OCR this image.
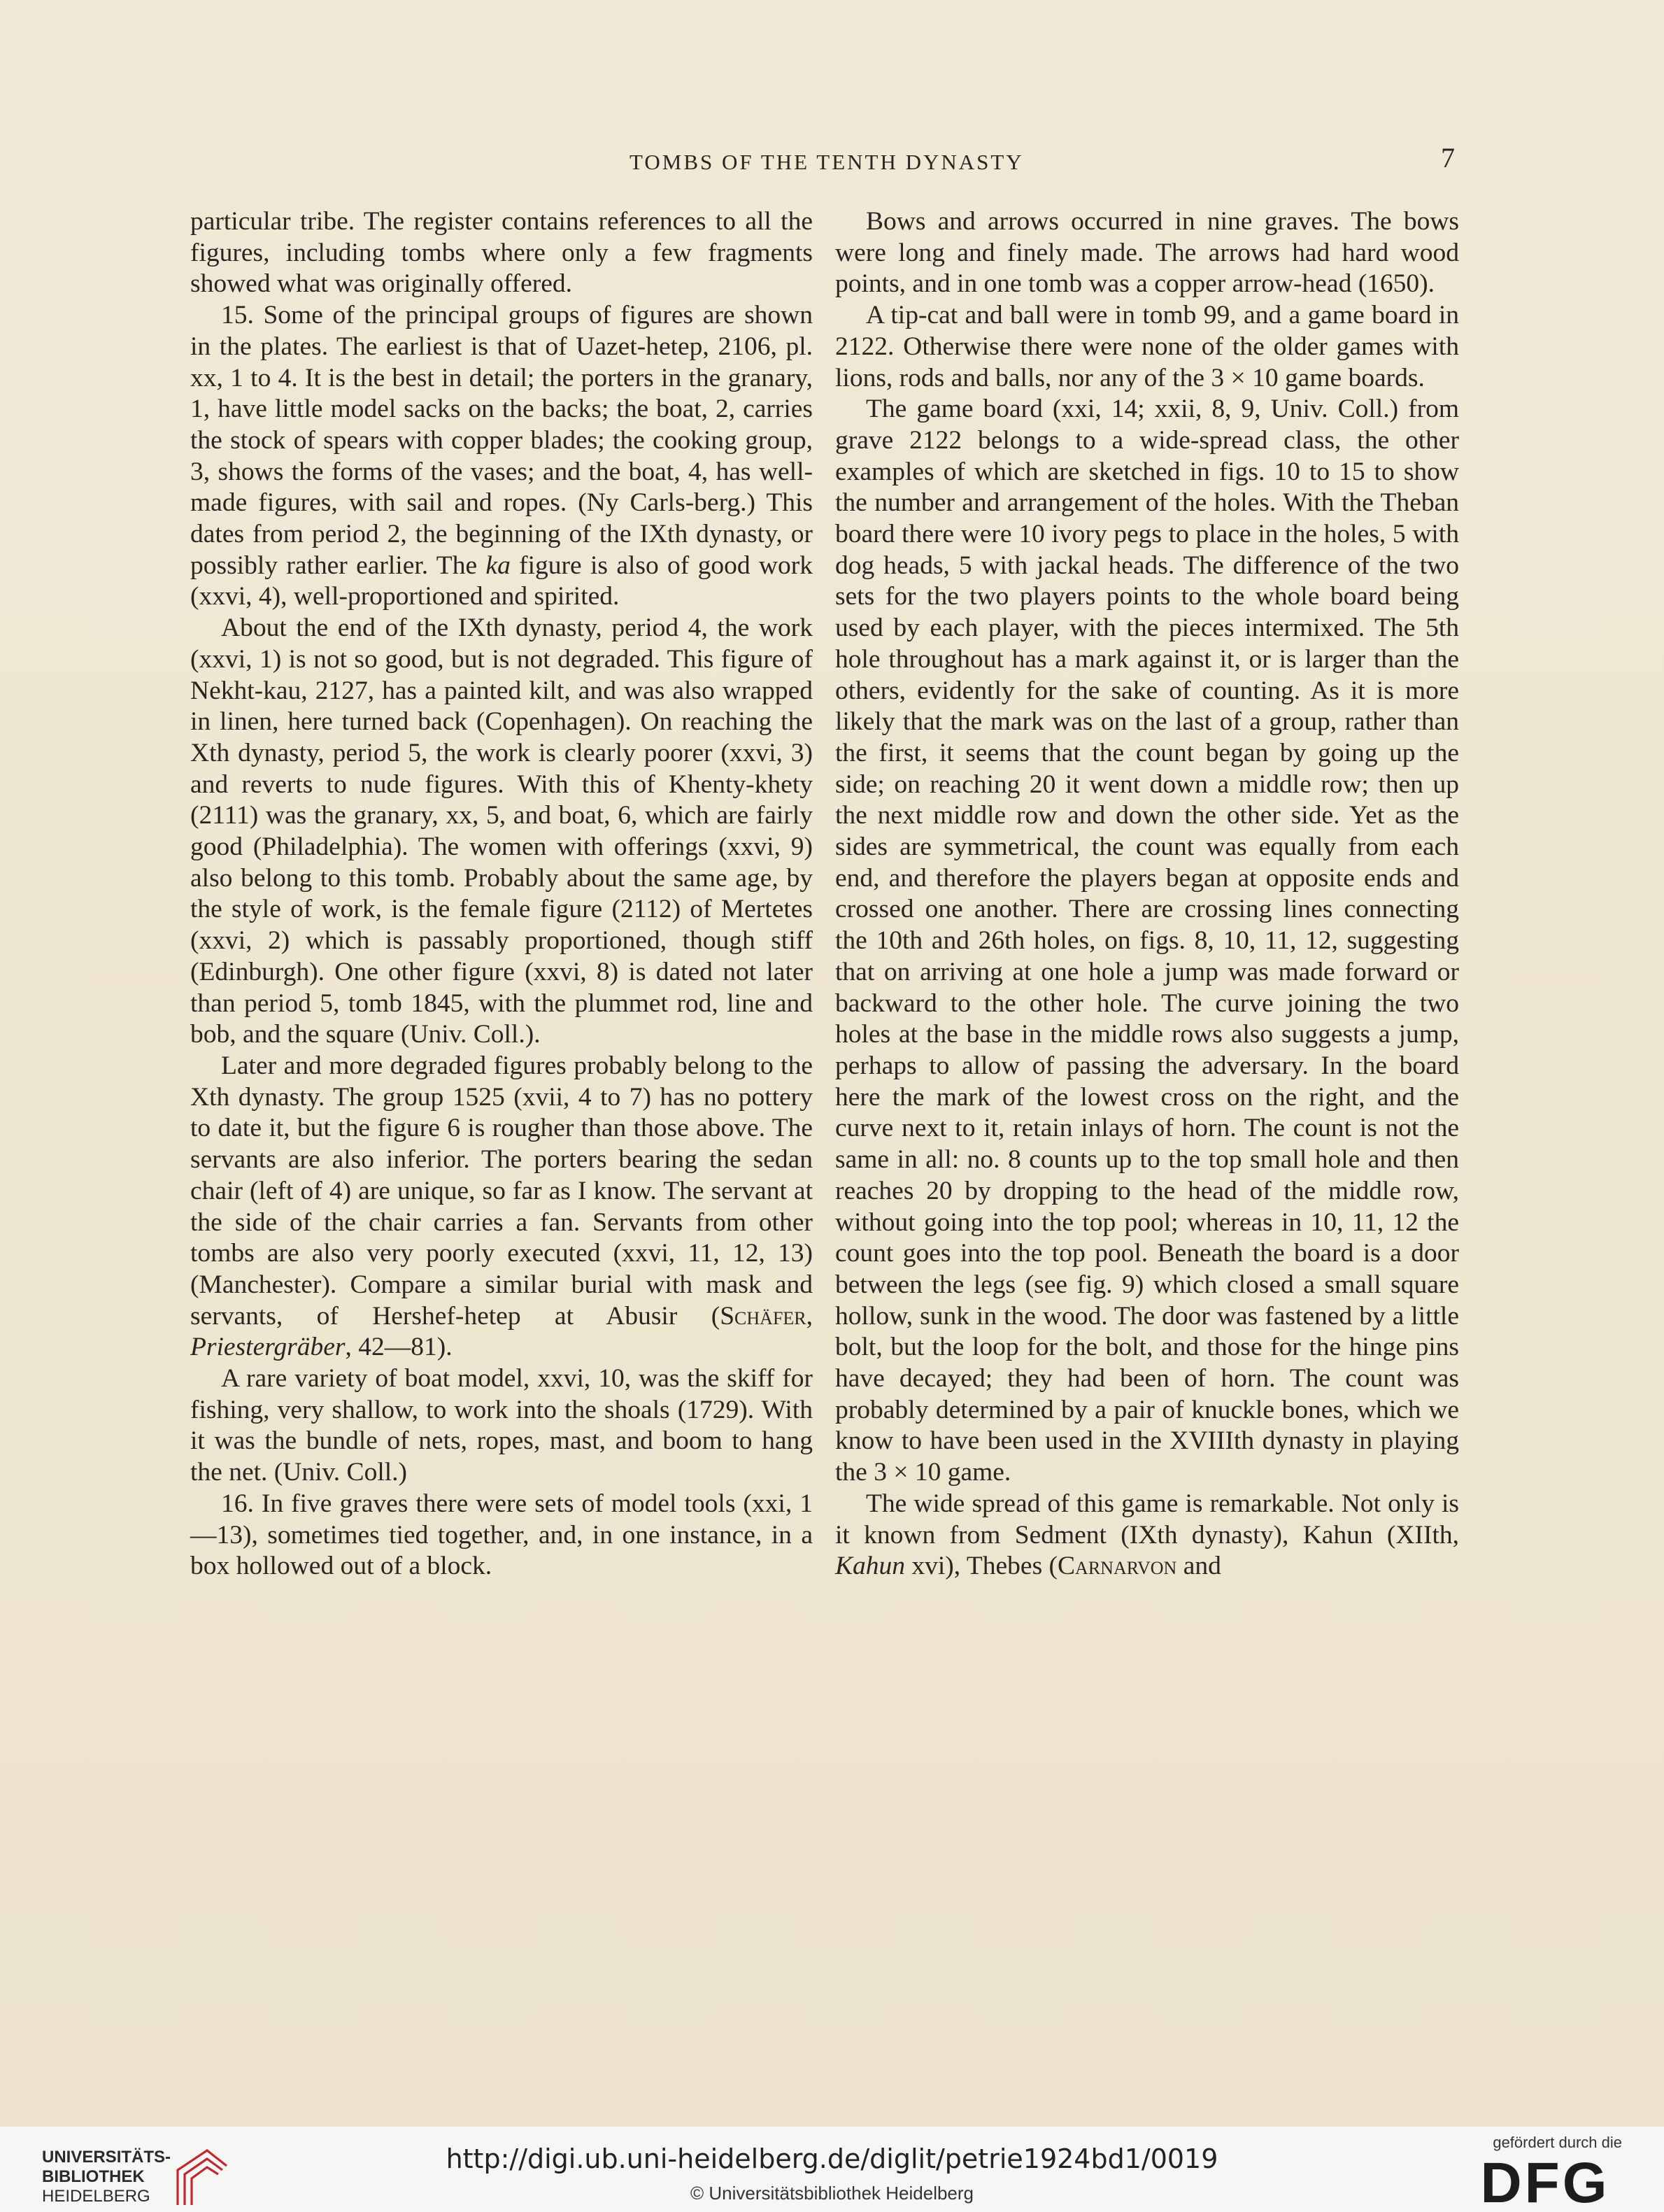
TOMBS OF THE TENTH DYNASTY	7

particular tribe. The register contains references to all the figures, including tombs where only a few fragments showed what was originally offered.

15. Some of the principal groups of figures are shown in the plates. The earliest is that of Uazet-hetep, 2106, pl. xx, 1 to 4. It is the best in detail; the porters in the granary, 1, have little model sacks on the backs; the boat, 2, carries the stock of spears with copper blades; the cooking group, 3, shows the forms of the vases; and the boat, 4, has well-made figures, with sail and ropes. (Ny Carls-berg.) This dates from period 2, the beginning of the IXth dynasty, or possibly rather earlier. The ka figure is also of good work (xxvi, 4), well-proportioned and spirited.

About the end of the IXth dynasty, period 4, the work (xxvi, 1) is not so good, but is not degraded. This figure of Nekht-kau, 2127, has a painted kilt, and was also wrapped in linen, here turned back (Copenhagen). On reaching the Xth dynasty, period 5, the work is clearly poorer (xxvi, 3) and reverts to nude figures. With this of Khenty-khety (2111) was the granary, xx, 5, and boat, 6, which are fairly good (Philadelphia). The women with offerings (xxvi, 9) also belong to this tomb. Probably about the same age, by the style of work, is the female figure (2112) of Mertetes (xxvi, 2) which is passably proportioned, though stiff (Edinburgh). One other figure (xxvi, 8) is dated not later than period 5, tomb 1845, with the plummet rod, line and bob, and the square (Univ. Coll.).

Later and more degraded figures probably belong to the Xth dynasty. The group 1525 (xvii, 4 to 7) has no pottery to date it, but the figure 6 is rougher than those above. The servants are also inferior. The porters bearing the sedan chair (left of 4) are unique, so far as I know. The servant at the side of the chair carries a fan. Servants from other tombs are also very poorly executed (xxvi, 11, 12, 13) (Manchester). Compare a similar burial with mask and servants, of Hershef-hetep at Abusir (Schäfer, Priestergräber, 42—81).

A rare variety of boat model, xxvi, 10, was the skiff for fishing, very shallow, to work into the shoals (1729). With it was the bundle of nets, ropes, mast, and boom to hang the net. (Univ. Coll.)

16. In five graves there were sets of model tools (xxi, 1—13), sometimes tied together, and, in one instance, in a box hollowed out of a block.

Bows and arrows occurred in nine graves. The bows were long and finely made. The arrows had hard wood points, and in one tomb was a copper arrow-head (1650).

A tip-cat and ball were in tomb 99, and a game board in 2122. Otherwise there were none of the older games with lions, rods and balls, nor any of the 3 × 10 game boards.

The game board (xxi, 14; xxii, 8, 9, Univ. Coll.) from grave 2122 belongs to a wide-spread class, the other examples of which are sketched in figs. 10 to 15 to show the number and arrangement of the holes. With the Theban board there were 10 ivory pegs to place in the holes, 5 with dog heads, 5 with jackal heads. The difference of the two sets for the two players points to the whole board being used by each player, with the pieces intermixed. The 5th hole throughout has a mark against it, or is larger than the others, evidently for the sake of counting. As it is more likely that the mark was on the last of a group, rather than the first, it seems that the count began by going up the side; on reaching 20 it went down a middle row; then up the next middle row and down the other side. Yet as the sides are symmetrical, the count was equally from each end, and therefore the players began at opposite ends and crossed one another. There are crossing lines connecting the 10th and 26th holes, on figs. 8, 10, 11, 12, suggesting that on arriving at one hole a jump was made forward or backward to the other hole. The curve joining the two holes at the base in the middle rows also suggests a jump, perhaps to allow of passing the adversary. In the board here the mark of the lowest cross on the right, and the curve next to it, retain inlays of horn. The count is not the same in all: no. 8 counts up to the top small hole and then reaches 20 by dropping to the head of the middle row, without going into the top pool; whereas in 10, 11, 12 the count goes into the top pool. Beneath the board is a door between the legs (see fig. 9) which closed a small square hollow, sunk in the wood. The door was fastened by a little bolt, but the loop for the bolt, and those for the hinge pins have decayed; they had been of horn. The count was probably determined by a pair of knuckle bones, which we know to have been used in the XVIIIth dynasty in playing the 3 × 10 game.

The wide spread of this game is remarkable. Not only is it known from Sedment (IXth dynasty), Kahun (XIIth, Kahun xvi), Thebes (Carnarvon and

UNIVERSITÄTS-
BIBLIOTHEK
HEIDELBERG
http://digi.ub.uni-heidelberg.de/diglit/petrie1924bd1/0019
© Universitätsbibliothek Heidelberg
gefördert durch die
DFG
